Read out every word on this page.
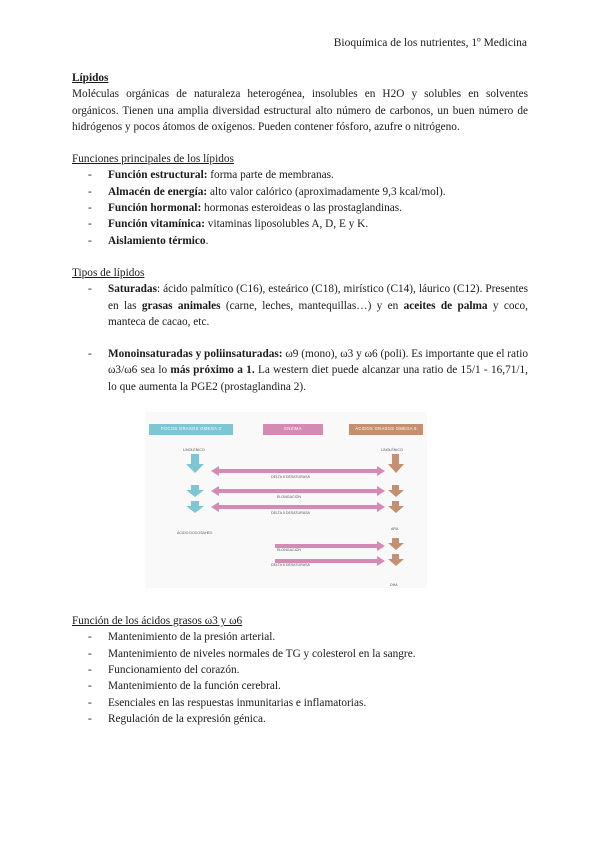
Bioquímica de los nutrientes, 1º Medicina

Lípidos

Moléculas orgánicas de naturaleza heterogénea, insolubles en H2O y solubles en solventes orgánicos. Tienen una amplia diversidad estructural alto número de carbonos, un buen número de hidrógenos y pocos átomos de oxígenos. Pueden contener fósforo, azufre o nitrógeno.

Funciones principales de los lípidos

- Función estructural: forma parte de membranas.
- Almacén de energía: alto valor calórico (aproximadamente 9,3 kcal/mol).
- Función hormonal: hormonas esteroideas o las prostaglandinas.
- Función vitamínica: vitaminas liposolubles A, D, E y K.
- Aislamiento térmico.

Tipos de lípidos

- Saturadas: ácido palmítico (C16), esteárico (C18), mirístico (C14), láurico (C12). Presentes en las grasas animales (carne, leches, mantequillas…) y en aceites de palma y coco, manteca de cacao, etc.
- Monoinsaturadas y poliinsaturadas: ω9 (mono), ω3 y ω6 (poli). Es importante que el ratio ω3/ω6 sea lo más próximo a 1. La western diet puede alcanzar una ratio de 15/1 - 16,71/1, lo que aumenta la PGE2 (prostaglandina 2).
POCOS GRASOS OMEGA 3	ENZIMA	ÁCIDOS GRASOS OMEGA 6
LINOLÉNICO	LINOLÉNICO
ÁCIDO DOCOSAHEX
ARA
DHA
DELTA 6 DESATURASA
ELONGACIÓN
DELTA 5 DESATURASA
ELONGACIÓN
DELTA 6 DESATURASA

Función de los ácidos grasos ω3 y ω6

- Mantenimiento de la presión arterial.
- Mantenimiento de niveles normales de TG y colesterol en la sangre.
- Funcionamiento del corazón.
- Mantenimiento de la función cerebral.
- Esenciales en las respuestas inmunitarias e inflamatorias.
- Regulación de la expresión génica.
